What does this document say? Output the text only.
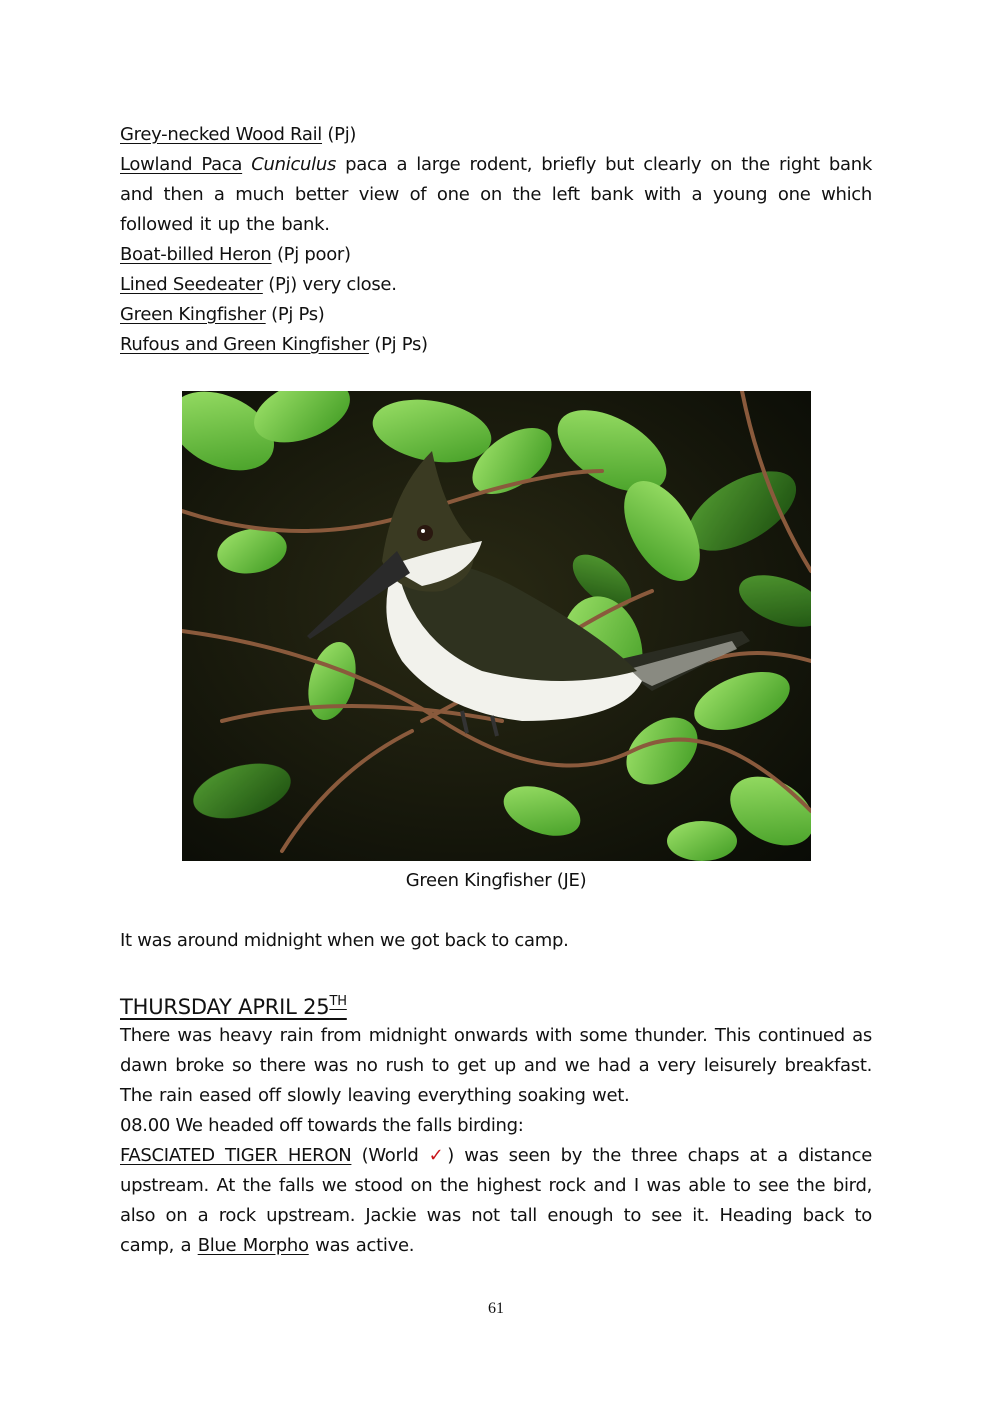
Grey-necked Wood Rail (Pj)

Lowland Paca Cuniculus paca a large rodent, briefly but clearly on the right bank and then a much better view of one on the left bank with a young one which followed it up the bank.

Boat-billed Heron (Pj poor)

Lined Seedeater (Pj) very close.

Green Kingfisher (Pj Ps)

Rufous and Green Kingfisher (Pj Ps)

Green Kingfisher (JE)
It was around midnight when we got back to camp.
THURSDAY APRIL 25TH

There was heavy rain from midnight onwards with some thunder. This continued as dawn broke so there was no rush to get up and we had a very leisurely breakfast. The rain eased off slowly leaving everything soaking wet.

08.00 We headed off towards the falls birding:

FASCIATED TIGER HERON (World ✓) was seen by the three chaps at a distance upstream. At the falls we stood on the highest rock and I was able to see the bird, also on a rock upstream. Jackie was not tall enough to see it. Heading back to camp, a Blue Morpho was active.

61
